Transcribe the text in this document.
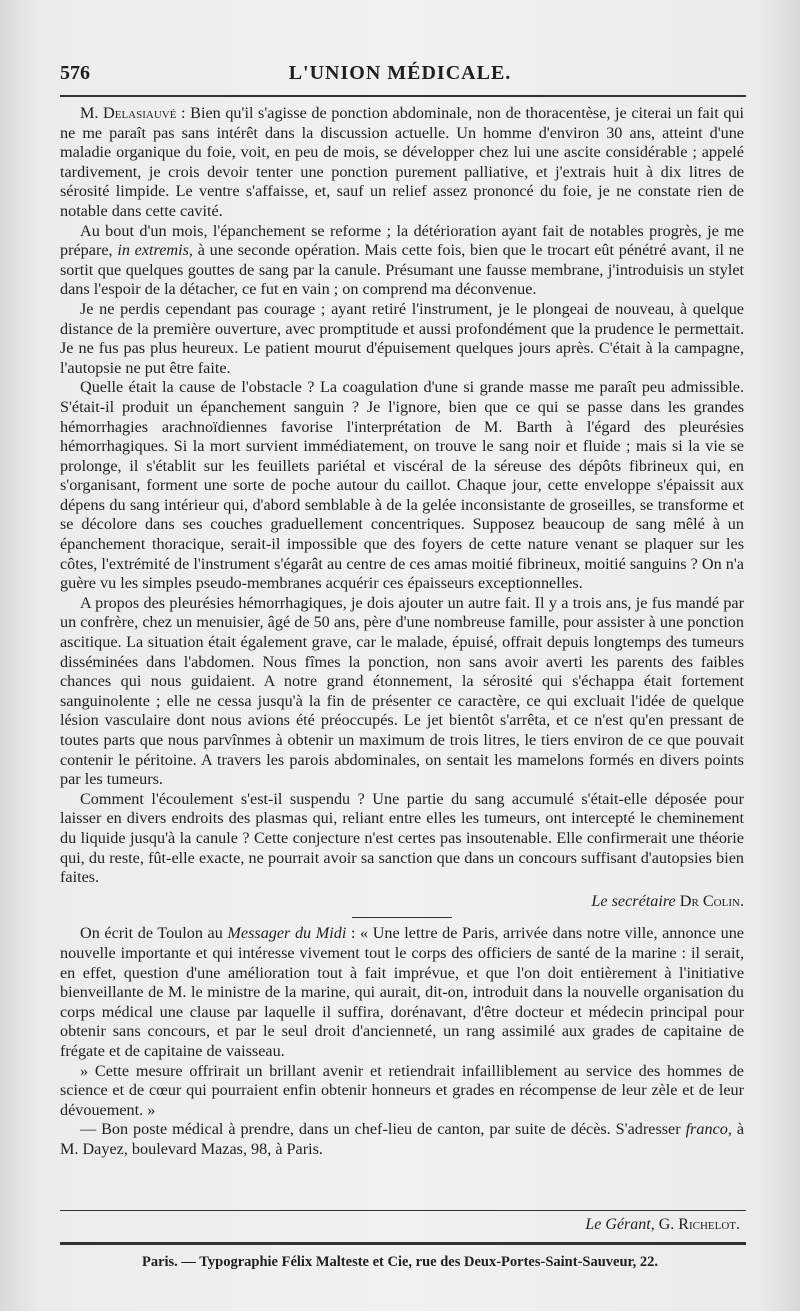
576	L'UNION MÉDICALE.

M. Delasiauvé : Bien qu'il s'agisse de ponction abdominale, non de thoracentèse, je citerai un fait qui ne me paraît pas sans intérêt dans la discussion actuelle. Un homme d'environ 30 ans, atteint d'une maladie organique du foie, voit, en peu de mois, se développer chez lui une ascite considérable ; appelé tardivement, je crois devoir tenter une ponction purement palliative, et j'extrais huit à dix litres de sérosité limpide. Le ventre s'affaisse, et, sauf un relief assez prononcé du foie, je ne constate rien de notable dans cette cavité.

Au bout d'un mois, l'épanchement se reforme ; la détérioration ayant fait de notables progrès, je me prépare, in extremis, à une seconde opération. Mais cette fois, bien que le trocart eût pénétré avant, il ne sortit que quelques gouttes de sang par la canule. Présumant une fausse membrane, j'introduisis un stylet dans l'espoir de la détacher, ce fut en vain ; on comprend ma déconvenue.

Je ne perdis cependant pas courage ; ayant retiré l'instrument, je le plongeai de nouveau, à quelque distance de la première ouverture, avec promptitude et aussi profondément que la prudence le permettait. Je ne fus pas plus heureux. Le patient mourut d'épuisement quelques jours après. C'était à la campagne, l'autopsie ne put être faite.

Quelle était la cause de l'obstacle ? La coagulation d'une si grande masse me paraît peu admissible. S'était-il produit un épanchement sanguin ? Je l'ignore, bien que ce qui se passe dans les grandes hémorrhagies arachnoïdiennes favorise l'interprétation de M. Barth à l'égard des pleurésies hémorrhagiques. Si la mort survient immédiatement, on trouve le sang noir et fluide ; mais si la vie se prolonge, il s'établit sur les feuillets pariétal et viscéral de la séreuse des dépôts fibrineux qui, en s'organisant, forment une sorte de poche autour du caillot. Chaque jour, cette enveloppe s'épaissit aux dépens du sang intérieur qui, d'abord semblable à de la gelée inconsistante de groseilles, se transforme et se décolore dans ses couches graduellement concentriques. Supposez beaucoup de sang mêlé à un épanchement thoracique, serait-il impossible que des foyers de cette nature venant se plaquer sur les côtes, l'extrémité de l'instrument s'égarât au centre de ces amas moitié fibrineux, moitié sanguins ? On n'a guère vu les simples pseudo-membranes acquérir ces épaisseurs exceptionnelles.

A propos des pleurésies hémorrhagiques, je dois ajouter un autre fait. Il y a trois ans, je fus mandé par un confrère, chez un menuisier, âgé de 50 ans, père d'une nombreuse famille, pour assister à une ponction ascitique. La situation était également grave, car le malade, épuisé, offrait depuis longtemps des tumeurs disséminées dans l'abdomen. Nous fîmes la ponction, non sans avoir averti les parents des faibles chances qui nous guidaient. A notre grand étonnement, la sérosité qui s'échappa était fortement sanguinolente ; elle ne cessa jusqu'à la fin de présenter ce caractère, ce qui excluait l'idée de quelque lésion vasculaire dont nous avions été préoccupés. Le jet bientôt s'arrêta, et ce n'est qu'en pressant de toutes parts que nous parvînmes à obtenir un maximum de trois litres, le tiers environ de ce que pouvait contenir le péritoine. A travers les parois abdominales, on sentait les mamelons formés en divers points par les tumeurs.

Comment l'écoulement s'est-il suspendu ? Une partie du sang accumulé s'était-elle déposée pour laisser en divers endroits des plasmas qui, reliant entre elles les tumeurs, ont intercepté le cheminement du liquide jusqu'à la canule ? Cette conjecture n'est certes pas insoutenable. Elle confirmerait une théorie qui, du reste, fût-elle exacte, ne pourrait avoir sa sanction que dans un concours suffisant d'autopsies bien faites.

Le secrétaire Dr Colin.

On écrit de Toulon au Messager du Midi : « Une lettre de Paris, arrivée dans notre ville, annonce une nouvelle importante et qui intéresse vivement tout le corps des officiers de santé de la marine : il serait, en effet, question d'une amélioration tout à fait imprévue, et que l'on doit entièrement à l'initiative bienveillante de M. le ministre de la marine, qui aurait, dit-on, introduit dans la nouvelle organisation du corps médical une clause par laquelle il suffira, dorénavant, d'être docteur et médecin principal pour obtenir sans concours, et par le seul droit d'ancienneté, un rang assimilé aux grades de capitaine de frégate et de capitaine de vaisseau.

» Cette mesure offrirait un brillant avenir et retiendrait infailliblement au service des hommes de science et de cœur qui pourraient enfin obtenir honneurs et grades en récompense de leur zèle et de leur dévouement. »

— Bon poste médical à prendre, dans un chef-lieu de canton, par suite de décès. S'adresser franco, à M. Dayez, boulevard Mazas, 98, à Paris.

Le Gérant, G. Richelot.
Paris. — Typographie Félix Malteste et Cie, rue des Deux-Portes-Saint-Sauveur, 22.
